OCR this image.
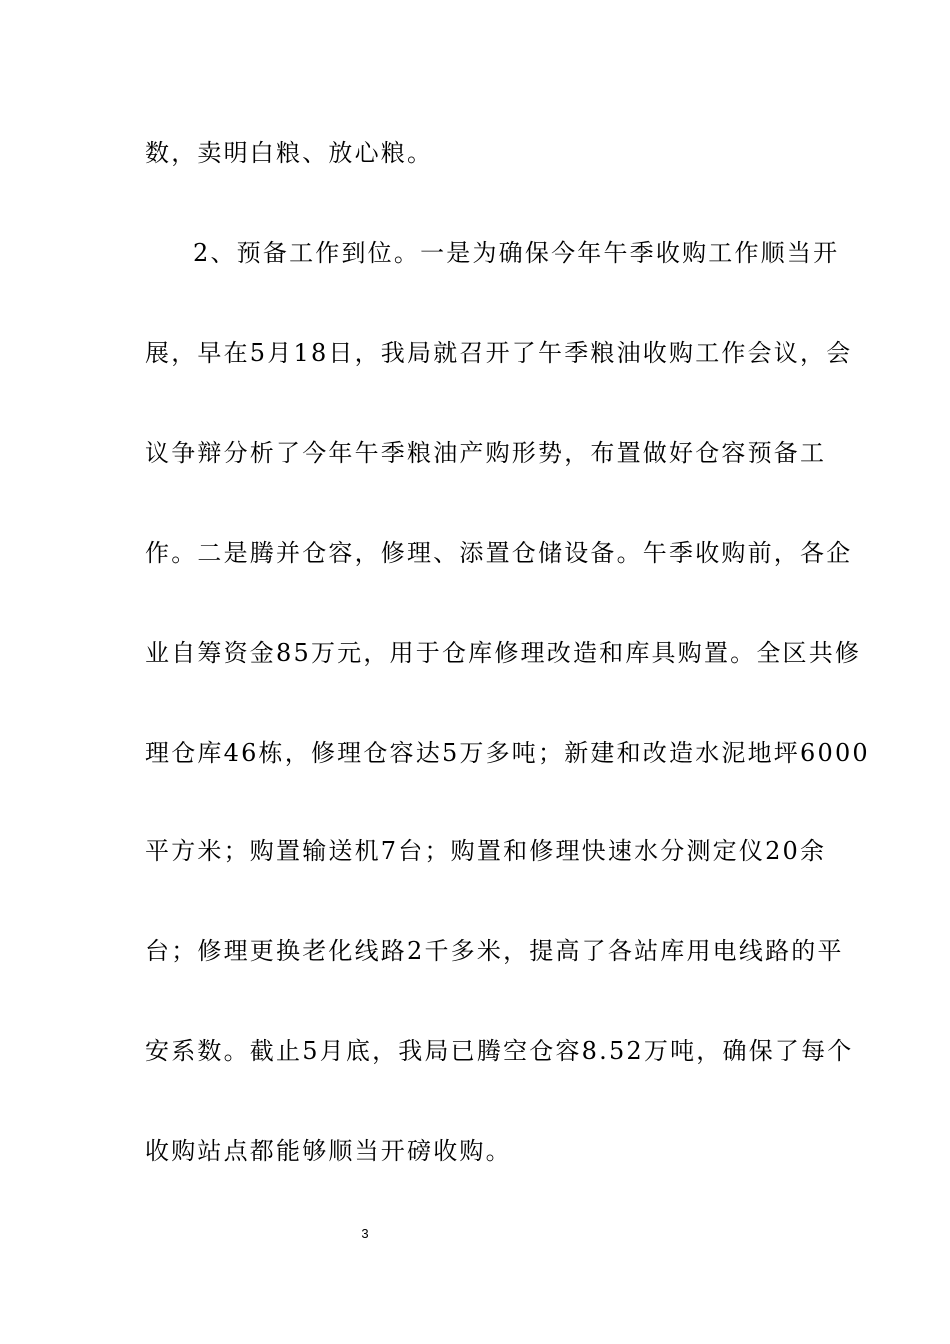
数，卖明白粮、放心粮。
2、预备工作到位。一是为确保今年午季收购工作顺当开
展，早在5月18日，我局就召开了午季粮油收购工作会议，会
议争辩分析了今年午季粮油产购形势，布置做好仓容预备工
作。二是腾并仓容，修理、添置仓储设备。午季收购前，各企
业自筹资金85万元，用于仓库修理改造和库具购置。全区共修
理仓库46栋，修理仓容达5万多吨；新建和改造水泥地坪6000
平方米；购置输送机7台；购置和修理快速水分测定仪20余
台；修理更换老化线路2千多米，提高了各站库用电线路的平
安系数。截止5月底，我局已腾空仓容8.52万吨，确保了每个
收购站点都能够顺当开磅收购。
3
